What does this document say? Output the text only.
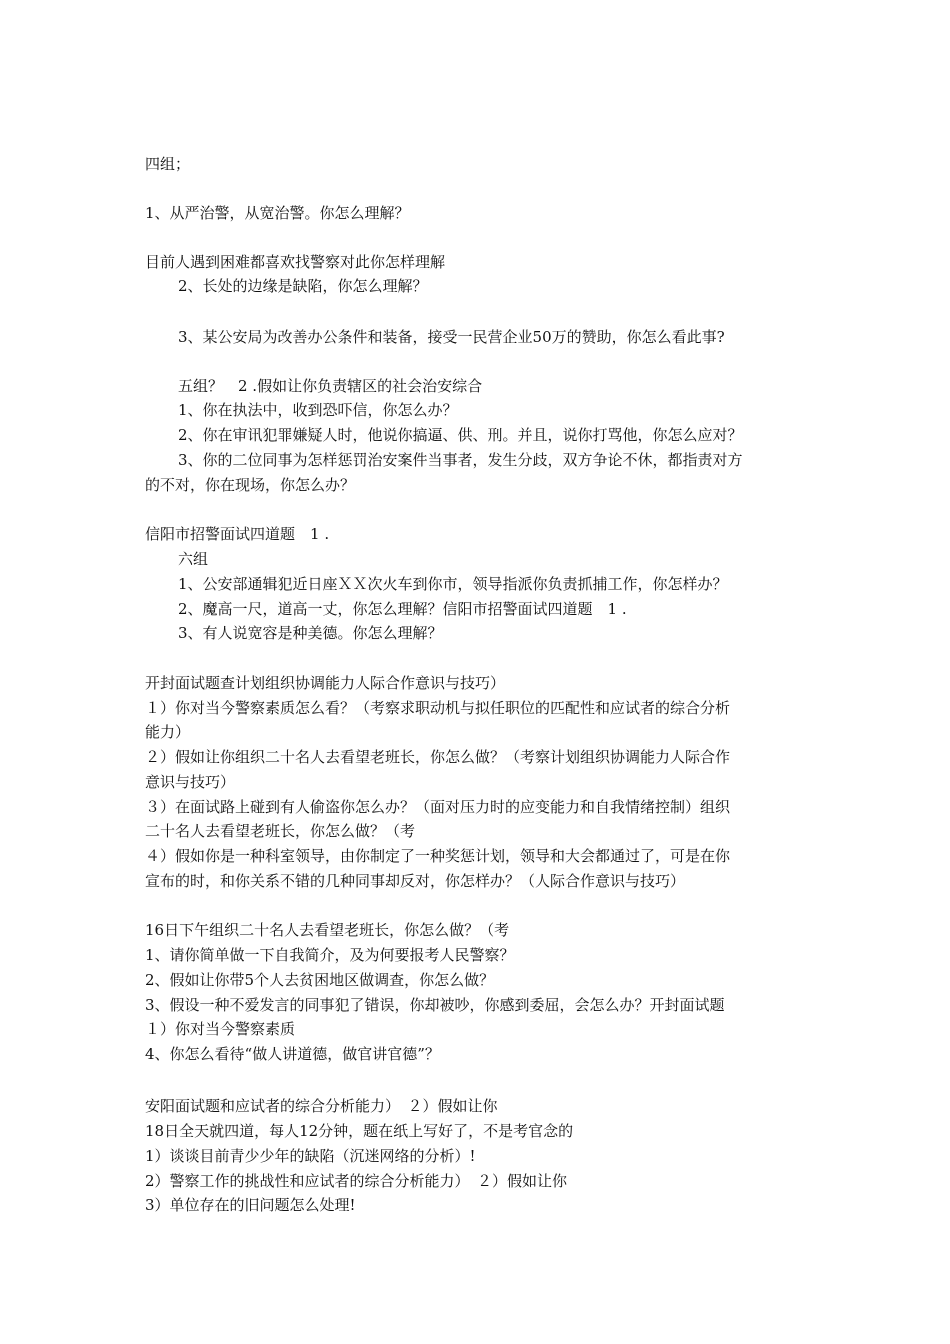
四组；
1、从严治警，从宽治警。你怎么理解？
目前人遇到困难都喜欢找警察对此你怎样理解
2、长处的边缘是缺陷，你怎么理解？
3、某公安局为改善办公条件和装备，接受一民营企业50万的赞助，你怎么看此事?
五组？　2 .假如让你负责辖区的社会治安综合
1、你在执法中，收到恐吓信，你怎么办？
2、你在审讯犯罪嫌疑人时，他说你搞逼、供、刑。并且，说你打骂他，你怎么应对？
3、你的二位同事为怎样惩罚治安案件当事者，发生分歧，双方争论不休，都指责对方
的不对，你在现场，你怎么办？
信阳市招警面试四道题　1 .
六组
1、公安部通辑犯近日座ＸＸ次火车到你市，领导指派你负责抓捕工作，你怎样办？
2、魔高一尺，道高一丈，你怎么理解？信阳市招警面试四道题　1 .
3、有人说宽容是种美德。你怎么理解？
开封面试题查计划组织协调能力人际合作意识与技巧）
１）你对当今警察素质怎么看？（考察求职动机与拟任职位的匹配性和应试者的综合分析
能力）
２）假如让你组织二十名人去看望老班长，你怎么做？（考察计划组织协调能力人际合作
意识与技巧）
３）在面试路上碰到有人偷盗你怎么办？（面对压力时的应变能力和自我情绪控制）组织
二十名人去看望老班长，你怎么做？（考
４）假如你是一种科室领导，由你制定了一种奖惩计划，领导和大会都通过了，可是在你
宣布的时，和你关系不错的几种同事却反对，你怎样办？（人际合作意识与技巧）
16日下午组织二十名人去看望老班长，你怎么做？（考
1、请你简单做一下自我简介，及为何要报考人民警察？
2、假如让你带5个人去贫困地区做调查，你怎么做？
3、假设一种不爱发言的同事犯了错误，你却被吵，你感到委屈，会怎么办？开封面试题
１）你对当今警察素质
4、你怎么看待“做人讲道德，做官讲官德”？
安阳面试题和应试者的综合分析能力）　２）假如让你
18日全天就四道，每人12分钟，题在纸上写好了，不是考官念的
1）谈谈目前青少少年的缺陷（沉迷网络的分析）!
2）警察工作的挑战性和应试者的综合分析能力）　２）假如让你
3）单位存在的旧问题怎么处理!
